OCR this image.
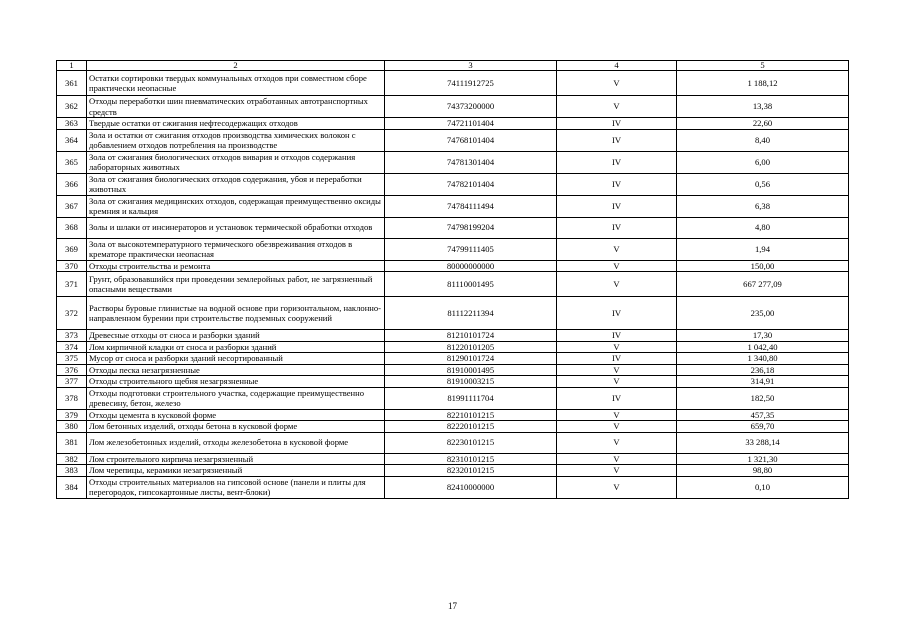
1	2	3	4	5
361	Остатки сортировки твердых коммунальных отходов при совместном сборе практически неопасные	74111912725	V	1 188,12
362	Отходы переработки шин пневматических отработанных автотранспортных средств	74373200000	V	13,38
363	Твердые остатки от сжигания нефтесодержащих отходов	74721101404	IV	22,60
364	Зола и остатки от сжигания отходов производства химических волокон с добавлением отходов потребления на производстве	74768101404	IV	8,40
365	Зола от сжигания биологических отходов вивария и отходов содержания лабораторных животных	74781301404	IV	6,00
366	Зола от сжигания биологических отходов содержания, убоя и переработки животных	74782101404	IV	0,56
367	Зола от сжигания медицинских отходов, содержащая преимущественно оксиды кремния и кальция	74784111494	IV	6,38
368	Золы и шлаки от инсинераторов и установок термической обработки отходов	74798199204	IV	4,80
369	Зола от высокотемпературного термического обезвреживания отходов в крематоре практически неопасная	74799111405	V	1,94
370	Отходы строительства и ремонта	80000000000	V	150,00
371	Грунт, образовавшийся при проведении землеройных работ, не загрязненный опасными веществами	81110001495	V	667 277,09
372	Растворы буровые глинистые на водной основе при горизонтальном, наклонно-направленном бурении при строительстве подземных сооружений	81112211394	IV	235,00
373	Древесные отходы от сноса и разборки зданий	81210101724	IV	17,30
374	Лом кирпичной кладки от сноса и разборки зданий	81220101205	V	1 042,40
375	Мусор от сноса и разборки зданий несортированный	81290101724	IV	1 340,80
376	Отходы песка незагрязненные	81910001495	V	236,18
377	Отходы строительного щебня незагрязненные	81910003215	V	314,91
378	Отходы подготовки строительного участка, содержащие преимущественно древесину, бетон, железо	81991111704	IV	182,50
379	Отходы цемента в кусковой форме	82210101215	V	457,35
380	Лом бетонных изделий, отходы бетона в кусковой форме	82220101215	V	659,70
381	Лом железобетонных изделий, отходы железобетона в кусковой форме	82230101215	V	33 288,14
382	Лом строительного кирпича незагрязненный	82310101215	V	1 321,30
383	Лом черепицы, керамики незагрязненный	82320101215	V	98,80
384	Отходы строительных материалов на гипсовой основе (панели и плиты для перегородок, гипсокартонные листы, вент-блоки)	82410000000	V	0,10
17
